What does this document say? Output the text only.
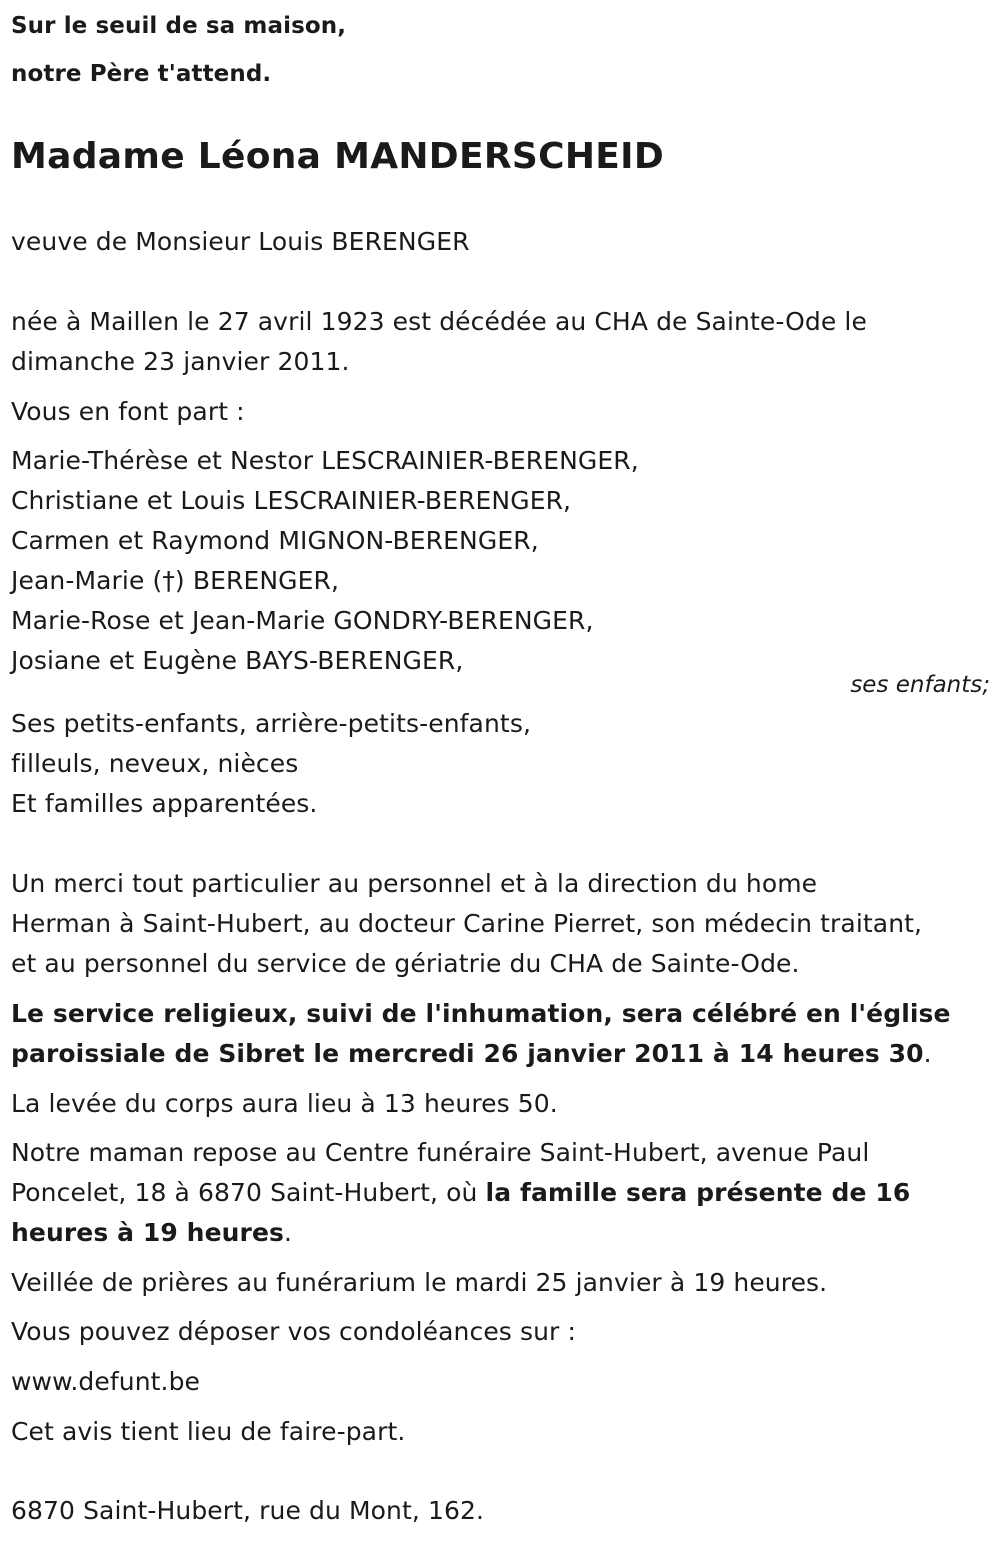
Sur le seuil de sa maison,
notre Père t'attend.
Madame Léona MANDERSCHEID
veuve de Monsieur Louis BERENGER
née à Maillen le 27 avril 1923 est décédée au CHA de Sainte-Ode le
dimanche 23 janvier 2011.
Vous en font part :
Marie-Thérèse et Nestor LESCRAINIER-BERENGER,
Christiane et Louis LESCRAINIER-BERENGER,
Carmen et Raymond MIGNON-BERENGER,
Jean-Marie (†) BERENGER,
Marie-Rose et Jean-Marie GONDRY-BERENGER,
Josiane et Eugène BAYS-BERENGER,
ses enfants;
Ses petits-enfants, arrière-petits-enfants,
filleuls, neveux, nièces
Et familles apparentées.
Un merci tout particulier au personnel et à la direction du home
Herman à Saint-Hubert, au docteur Carine Pierret, son médecin traitant,
et au personnel du service de gériatrie du CHA de Sainte-Ode.
Le service religieux, suivi de l'inhumation, sera célébré en l'église
paroissiale de Sibret le mercredi 26 janvier 2011 à 14 heures 30.
La levée du corps aura lieu à 13 heures 50.
Notre maman repose au Centre funéraire Saint-Hubert, avenue Paul
Poncelet, 18 à 6870 Saint-Hubert, où la famille sera présente de 16
heures à 19 heures.
Veillée de prières au funérarium le mardi 25 janvier à 19 heures.
Vous pouvez déposer vos condoléances sur :
www.defunt.be
Cet avis tient lieu de faire-part.
6870 Saint-Hubert, rue du Mont, 162.
